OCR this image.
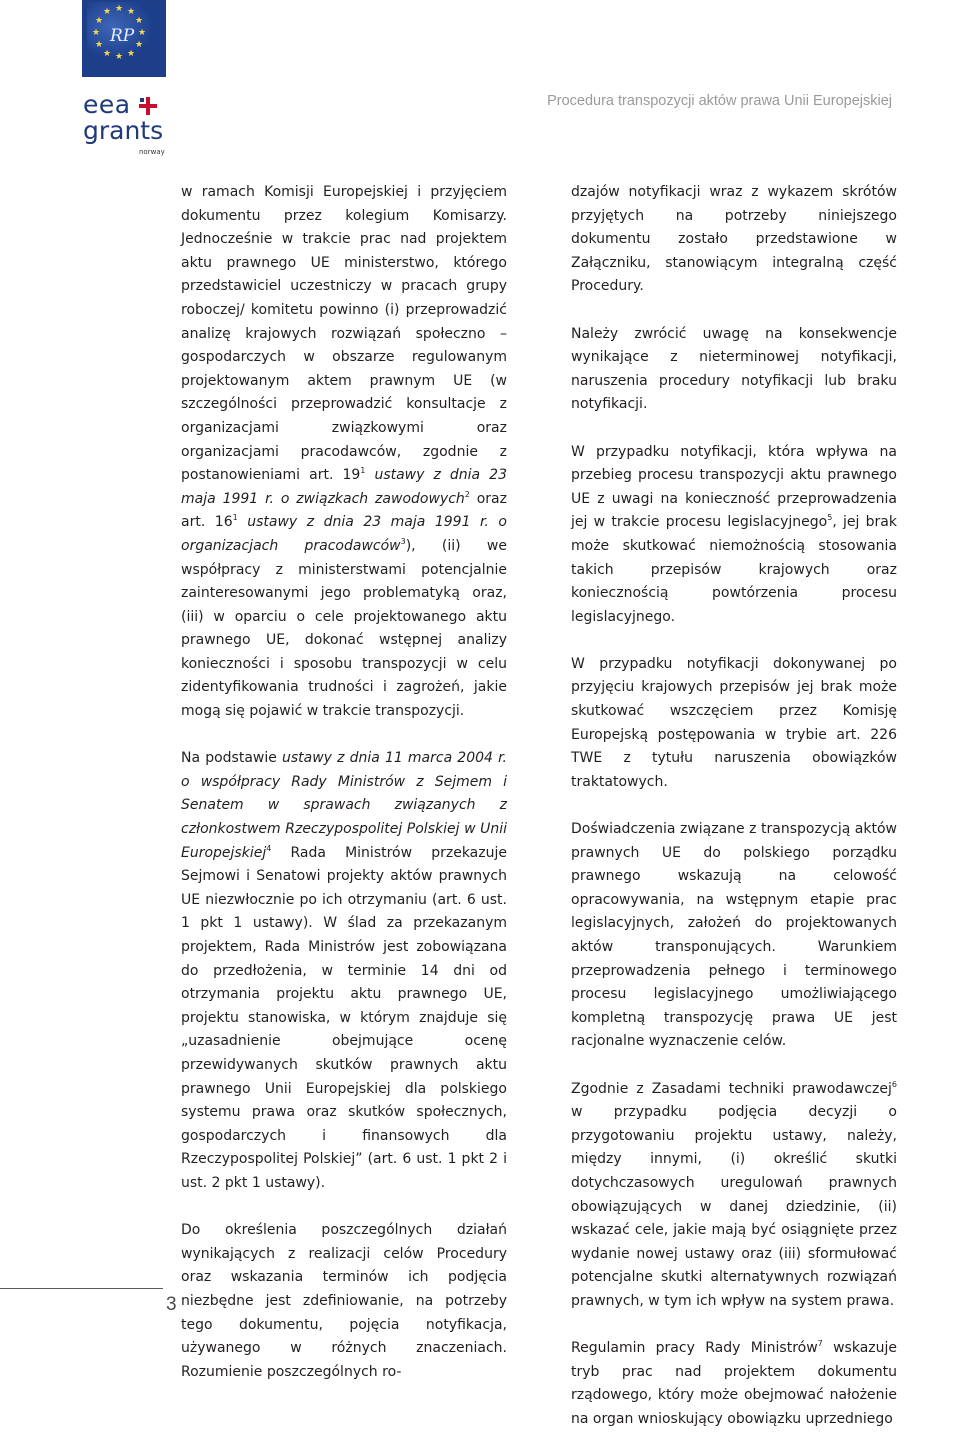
★ ★
★
★
★
★
★
★
★
★
★
★
RP
eea
grants
norway
Procedura transpozycji aktów prawa Unii Europejskiej

w ramach Komisji Europejskiej i przyjęciem dokumentu przez kolegium Komisarzy. Jednocześnie w trakcie prac nad projektem aktu prawnego UE ministerstwo, którego przedstawiciel uczestniczy w pracach grupy roboczej/ komitetu powinno (i) przeprowadzić analizę krajowych rozwiązań społeczno – gospodarczych w obszarze regulowanym projektowanym aktem prawnym UE (w szczególności przeprowadzić konsultacje z organizacjami związkowymi oraz organizacjami pracodawców, zgodnie z postanowieniami art. $19^1$ ustawy z dnia 23 maja 1991 r. o związkach zawodowych$^2$ oraz art. $16^1$ ustawy z dnia 23 maja 1991 r. o organizacjach pracodawców$^3$), (ii) we współpracy z ministerstwami potencjalnie zainteresowanymi jego problematyką oraz, (iii) w oparciu o cele projektowanego aktu prawnego UE, dokonać wstępnej analizy konieczności i sposobu transpozycji w celu zidentyfikowania trudności i zagrożeń, jakie mogą się pojawić w trakcie transpozycji.

Na podstawie ustawy z dnia 11 marca 2004 r. o współpracy Rady Ministrów z Sejmem i Senatem w sprawach związanych z członkostwem Rzeczypospolitej Polskiej w Unii Europejskiej$^4$ Rada Ministrów przekazuje Sejmowi i Senatowi projekty aktów prawnych UE niezwłocznie po ich otrzymaniu (art. 6 ust. 1 pkt 1 ustawy). W ślad za przekazanym projektem, Rada Ministrów jest zobowiązana do przedłożenia, w terminie 14 dni od otrzymania projektu aktu prawnego UE, projektu stanowiska, w którym znajduje się „uzasadnienie obejmujące ocenę przewidywanych skutków prawnych aktu prawnego Unii Europejskiej dla polskiego systemu prawa oraz skutków społecznych, gospodarczych i finansowych dla Rzeczypospolitej Polskiej” (art. 6 ust. 1 pkt 2 i ust. 2 pkt 1 ustawy).

Do określenia poszczególnych działań wynikających z realizacji celów Procedury oraz wskazania terminów ich podjęcia niezbędne jest zdefiniowanie, na potrzeby tego dokumentu, pojęcia notyfikacja, używanego w różnych znaczeniach. Rozumienie poszczególnych ro-

dzajów notyfikacji wraz z wykazem skrótów przyjętych na potrzeby niniejszego dokumentu zostało przedstawione w Załączniku, stanowiącym integralną część Procedury.

Należy zwrócić uwagę na konsekwencje wynikające z nieterminowej notyfikacji, naruszenia procedury notyfikacji lub braku notyfikacji.

W przypadku notyfikacji, która wpływa na przebieg procesu transpozycji aktu prawnego UE z uwagi na konieczność przeprowadzenia jej w trakcie procesu legislacyjnego$^5$, jej brak może skutkować niemożnością stosowania takich przepisów krajowych oraz koniecznością powtórzenia procesu legislacyjnego.

W przypadku notyfikacji dokonywanej po przyjęciu krajowych przepisów jej brak może skutkować wszczęciem przez Komisję Europejską postępowania w trybie art. 226 TWE z tytułu naruszenia obowiązków traktatowych.

Doświadczenia związane z transpozycją aktów prawnych UE do polskiego porządku prawnego wskazują na celowość opracowywania, na wstępnym etapie prac legislacyjnych, założeń do projektowanych aktów transponujących. Warunkiem przeprowadzenia pełnego i terminowego procesu legislacyjnego umożliwiającego kompletną transpozycję prawa UE jest racjonalne wyznaczenie celów.

Zgodnie z Zasadami techniki prawodawczej$^6$ w przypadku podjęcia decyzji o przygotowaniu projektu ustawy, należy, między innymi, (i) określić skutki dotychczasowych uregulowań prawnych obowiązujących w danej dziedzinie, (ii) wskazać cele, jakie mają być osiągnięte przez wydanie nowej ustawy oraz (iii) sformułować potencjalne skutki alternatywnych rozwiązań prawnych, w tym ich wpływ na system prawa.

Regulamin pracy Rady Ministrów$^7$ wskazuje tryb prac nad projektem dokumentu rządowego, który może obejmować nałożenie na organ wnioskujący obowiązku uprzedniego

3
